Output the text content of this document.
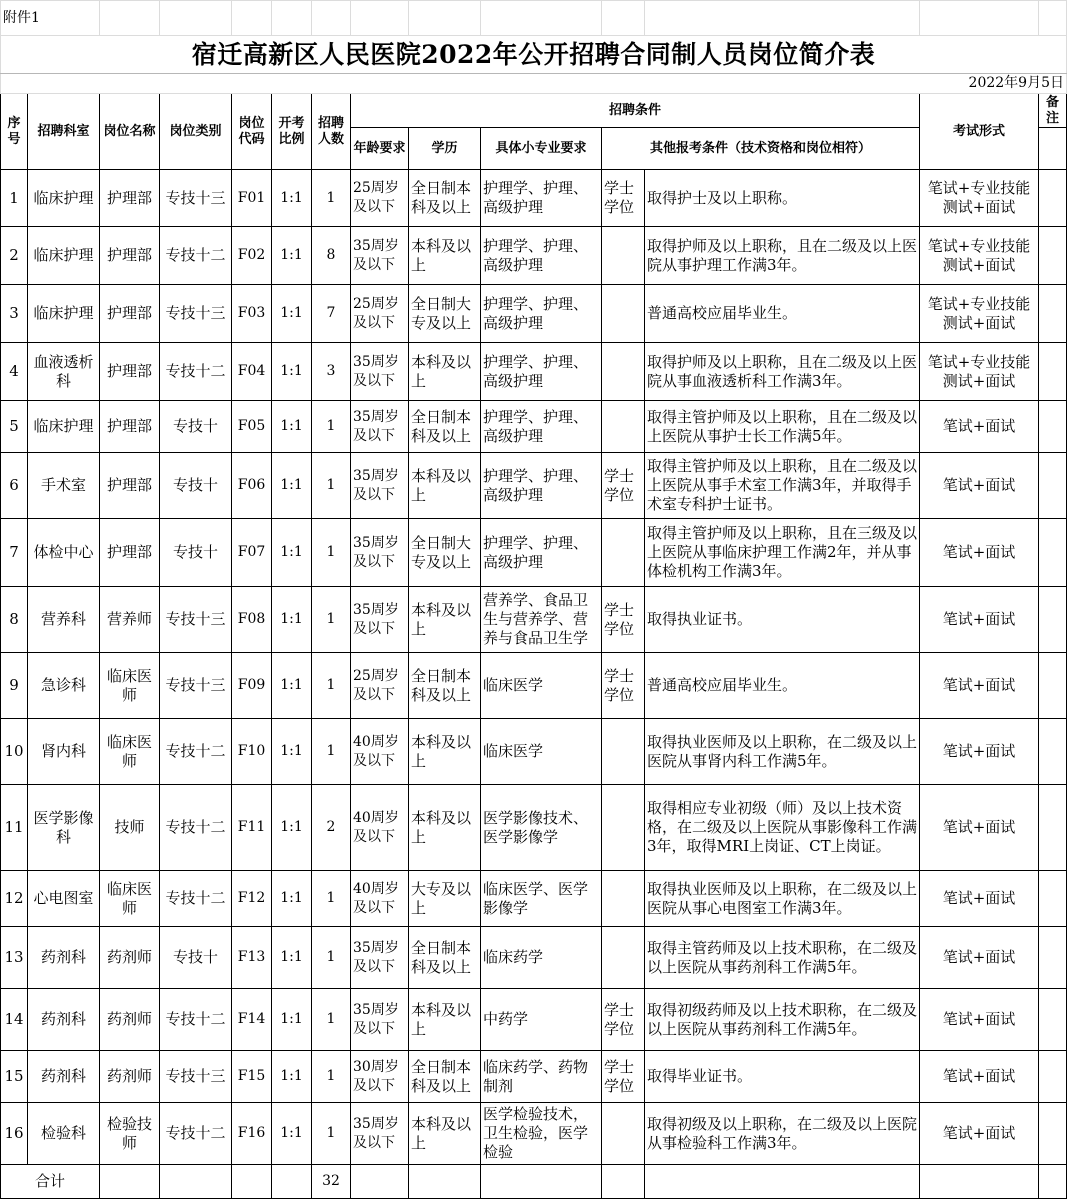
附件1													
宿迁高新区人民医院2022年公开招聘合同制人员岗位简介表													
2022年9月5日													
序号	招聘科室	岗位名称	岗位类别	岗位代码	开考比例	招聘人数	招聘条件					考试形式	备注
							年龄要求	学历	具体小专业要求	其他报考条件（技术资格和岗位相符）			
1	临床护理	护理部	专技十三	F01	1:1	1	25周岁及以下	全日制本科及以上	护理学、护理、高级护理	学士学位	取得护士及以上职称。	笔试+专业技能测试+面试	
2	临床护理	护理部	专技十二	F02	1:1	8	35周岁及以下	本科及以上	护理学、护理、高级护理		取得护师及以上职称，且在二级及以上医院从事护理工作满3年。	笔试+专业技能测试+面试	
3	临床护理	护理部	专技十三	F03	1:1	7	25周岁及以下	全日制大专及以上	护理学、护理、高级护理		普通高校应届毕业生。	笔试+专业技能测试+面试	
4	血液透析科	护理部	专技十二	F04	1:1	3	35周岁及以下	本科及以上	护理学、护理、高级护理		取得护师及以上职称，且在二级及以上医院从事血液透析科工作满3年。	笔试+专业技能测试+面试	
5	临床护理	护理部	专技十	F05	1:1	1	35周岁及以下	全日制本科及以上	护理学、护理、高级护理		取得主管护师及以上职称，且在二级及以上医院从事护士长工作满5年。	笔试+面试	
6	手术室	护理部	专技十	F06	1:1	1	35周岁及以下	本科及以上	护理学、护理、高级护理	学士学位	取得主管护师及以上职称，且在二级及以上医院从事手术室工作满3年，并取得手术室专科护士证书。	笔试+面试	
7	体检中心	护理部	专技十	F07	1:1	1	35周岁及以下	全日制大专及以上	护理学、护理、高级护理		取得主管护师及以上职称，且在三级及以上医院从事临床护理工作满2年，并从事体检机构工作满3年。	笔试+面试	
8	营养科	营养师	专技十三	F08	1:1	1	35周岁及以下	本科及以上	营养学、食品卫生与营养学、营养与食品卫生学	学士学位	取得执业证书。	笔试+面试	
9	急诊科	临床医师	专技十三	F09	1:1	1	25周岁及以下	全日制本科及以上	临床医学	学士学位	普通高校应届毕业生。	笔试+面试	
10	肾内科	临床医师	专技十二	F10	1:1	1	40周岁及以下	本科及以上	临床医学		取得执业医师及以上职称，在二级及以上医院从事肾内科工作满5年。	笔试+面试	
11	医学影像科	技师	专技十二	F11	1:1	2	40周岁及以下	本科及以上	医学影像技术、医学影像学		取得相应专业初级（师）及以上技术资格，在二级及以上医院从事影像科工作满3年，取得MRI上岗证、CT上岗证。	笔试+面试	
12	心电图室	临床医师	专技十二	F12	1:1	1	40周岁及以下	大专及以上	临床医学、医学影像学		取得执业医师及以上职称，在二级及以上医院从事心电图室工作满3年。	笔试+面试	
13	药剂科	药剂师	专技十	F13	1:1	1	35周岁及以下	全日制本科及以上	临床药学		取得主管药师及以上技术职称，在二级及以上医院从事药剂科工作满5年。	笔试+面试	
14	药剂科	药剂师	专技十二	F14	1:1	1	35周岁及以下	本科及以上	中药学	学士学位	取得初级药师及以上技术职称，在二级及以上医院从事药剂科工作满5年。	笔试+面试	
15	药剂科	药剂师	专技十三	F15	1:1	1	30周岁及以下	全日制本科及以上	临床药学、药物制剂	学士学位	取得毕业证书。	笔试+面试	
16	检验科	检验技师	专技十二	F16	1:1	1	35周岁及以下	本科及以上	医学检验技术，卫生检验，医学检验		取得初级及以上职称，在二级及以上医院从事检验科工作满3年。	笔试+面试	
合计						32							
